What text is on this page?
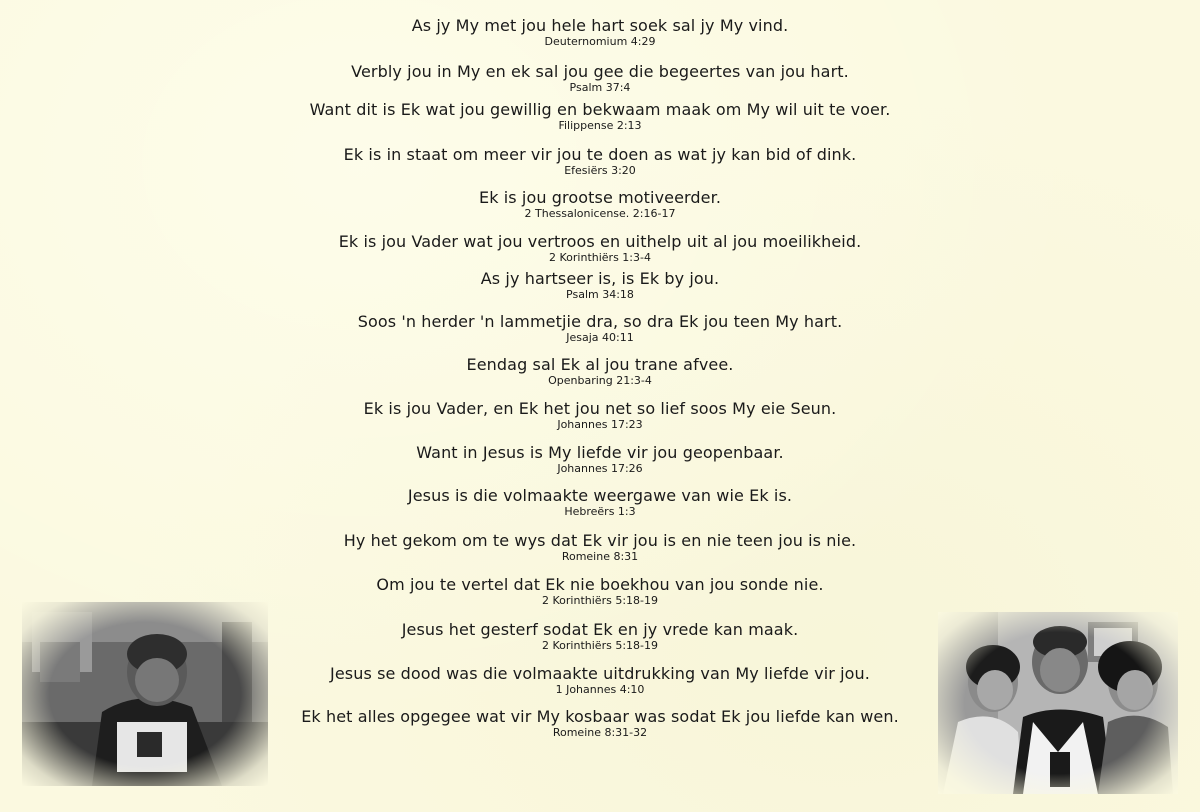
As jy My met jou hele hart soek sal jy My vind.
Deuternomium 4:29
Verbly jou in My en ek sal jou gee die begeertes van jou hart.
Psalm 37:4
Want dit is Ek wat jou gewillig en bekwaam maak om My wil uit te voer.
Filippense 2:13
Ek is in staat om meer vir jou te doen as wat jy kan bid of dink.
Efesiërs 3:20
Ek is jou grootse motiveerder.
2 Thessalonicense. 2:16-17
Ek is jou Vader wat jou vertroos en uithelp uit al jou moeilikheid.
2 Korinthiërs 1:3-4
As jy hartseer is, is Ek by jou.
Psalm 34:18
Soos 'n herder 'n lammetjie dra, so dra Ek jou teen My hart.
Jesaja 40:11
Eendag sal Ek al jou trane afvee.
Openbaring 21:3-4
Ek is jou Vader, en Ek het jou net so lief soos My eie Seun.
Johannes 17:23
Want in Jesus is My liefde vir jou geopenbaar.
Johannes 17:26
Jesus is die volmaakte weergawe van wie Ek is.
Hebreërs 1:3
Hy het gekom om te wys dat Ek vir jou is en nie teen jou is nie.
Romeine 8:31
Om jou te vertel dat Ek nie boekhou van jou sonde nie.
2 Korinthiërs 5:18-19
Jesus het gesterf sodat Ek en jy vrede kan maak.
2 Korinthiërs 5:18-19
Jesus se dood was die volmaakte uitdrukking van My liefde vir jou.
1 Johannes 4:10
Ek het alles opgegee wat vir My kosbaar was sodat Ek jou liefde kan wen.
Romeine 8:31-32
